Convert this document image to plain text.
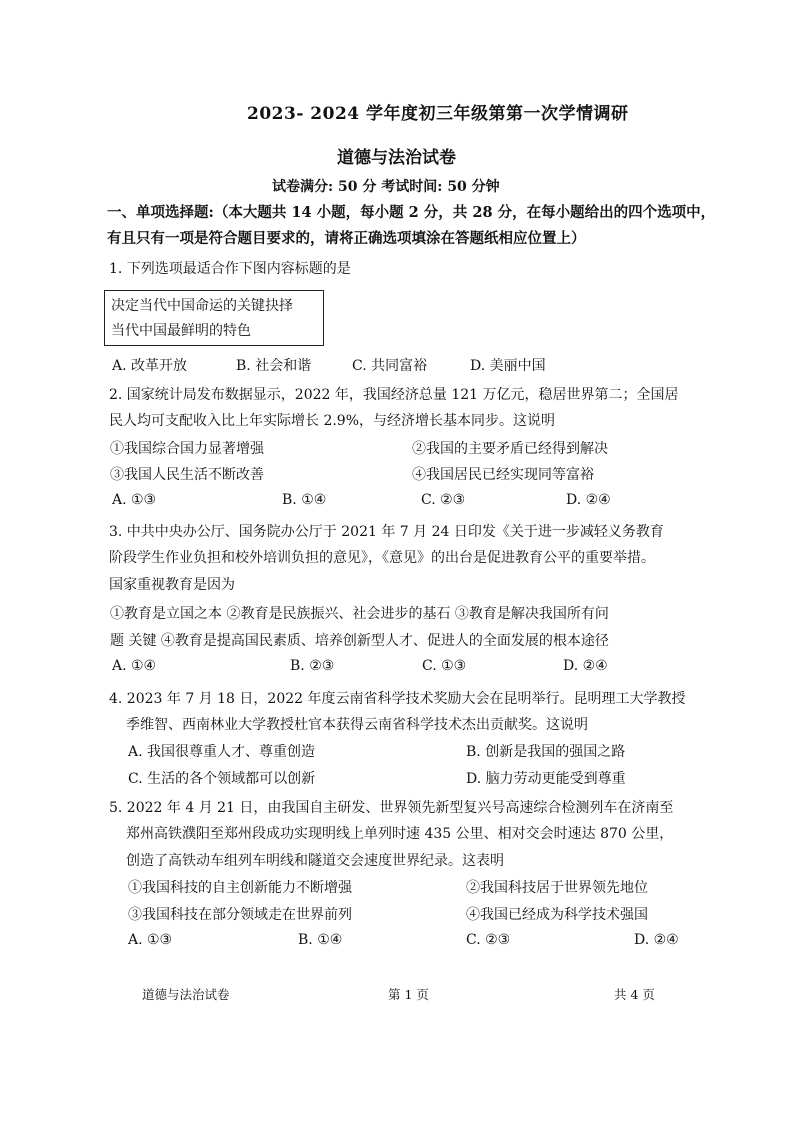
2023- 2024 学年度初三年级第第一次学情调研
道德与法治试卷
试卷满分: 50 分 考试时间: 50 分钟
一、单项选择题:（本大题共 14 小题，每小题 2 分，共 28 分，在每小题给出的四个选项中，
有且只有一项是符合题目要求的，请将正确选项填涂在答题纸相应位置上）
1. 下列选项最适合作下图内容标题的是
决定当代中国命运的关键抉择
当代中国最鲜明的特色
A. 改革开放	B. 社会和谐	C. 共同富裕	D. 美丽中国
2. 国家统计局发布数据显示，2022 年，我国经济总量 121 万亿元，稳居世界第二；全国居
民人均可支配收入比上年实际增长 2.9%，与经济增长基本同步。这说明
①我国综合国力显著增强	②我国的主要矛盾已经得到解决
③我国人民生活不断改善	④我国居民已经实现同等富裕
A. ①③	B. ①④	C. ②③	D. ②④
3. 中共中央办公厅、国务院办公厅于 2021 年 7 月 24 日印发《关于进一步减轻义务教育
阶段学生作业负担和校外培训负担的意见》，《意见》的出台是促进教育公平的重要举措。
国家重视教育是因为
①教育是立国之本 ②教育是民族振兴、社会进步的基石 ③教育是解决我国所有问
题 关键 ④教育是提高国民素质、培养创新型人才、促进人的全面发展的根本途径
A. ①④	B. ②③	C. ①③	D. ②④
4. 2023 年 7 月 18 日，2022 年度云南省科学技术奖励大会在昆明举行。昆明理工大学教授
季维智、西南林业大学教授杜官本获得云南省科学技术杰出贡献奖。这说明
A. 我国很尊重人才、尊重创造	B. 创新是我国的强国之路
C. 生活的各个领域都可以创新	D. 脑力劳动更能受到尊重
5. 2022 年 4 月 21 日，由我国自主研发、世界领先新型复兴号高速综合检测列车在济南至
郑州高铁濮阳至郑州段成功实现明线上单列时速 435 公里、相对交会时速达 870 公里，
创造了高铁动车组列车明线和隧道交会速度世界纪录。这表明
①我国科技的自主创新能力不断增强	②我国科技居于世界领先地位
③我国科技在部分领域走在世界前列	④我国已经成为科学技术强国
A. ①③	B. ①④	C. ②③	D. ②④
道德与法治试卷	第 1 页	共 4 页
